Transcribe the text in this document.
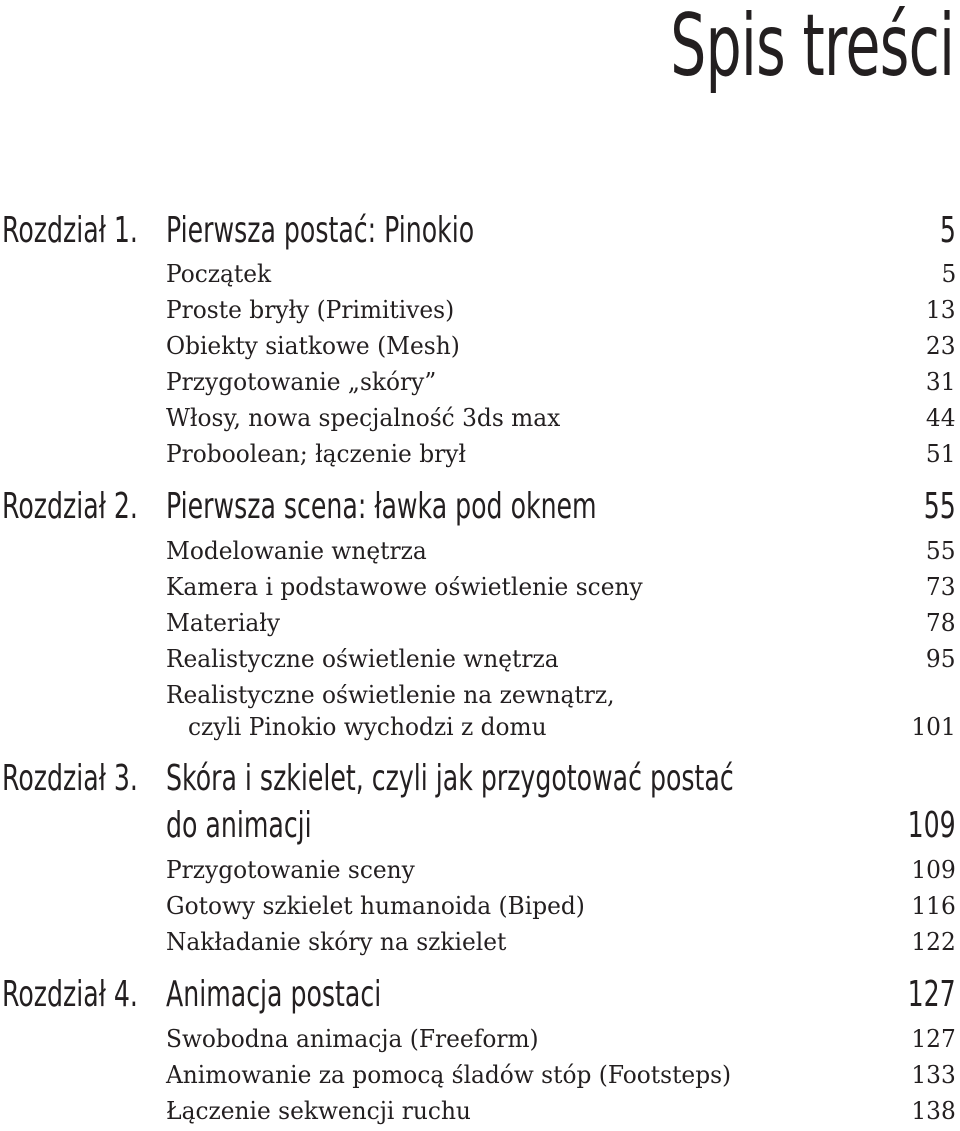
Spis treści
Rozdział 1. Pierwsza postać: Pinokio	5
Początek	5
Proste bryły (Primitives)	13
Obiekty siatkowe (Mesh)	23
Przygotowanie „skóry”	31
Włosy, nowa specjalność 3ds max	44
Proboolean; łączenie brył	51
Rozdział 2. Pierwsza scena: ławka pod oknem	55
Modelowanie wnętrza	55
Kamera i podstawowe oświetlenie sceny	73
Materiały	78
Realistyczne oświetlenie wnętrza	95
Realistyczne oświetlenie na zewnątrz,
czyli Pinokio wychodzi z domu	101
Rozdział 3. Skóra i szkielet, czyli jak przygotować postać
do animacji	109
Przygotowanie sceny	109
Gotowy szkielet humanoida (Biped)	116
Nakładanie skóry na szkielet	122
Rozdział 4. Animacja postaci	127
Swobodna animacja (Freeform)	127
Animowanie za pomocą śladów stóp (Footsteps)	133
Łączenie sekwencji ruchu	138
